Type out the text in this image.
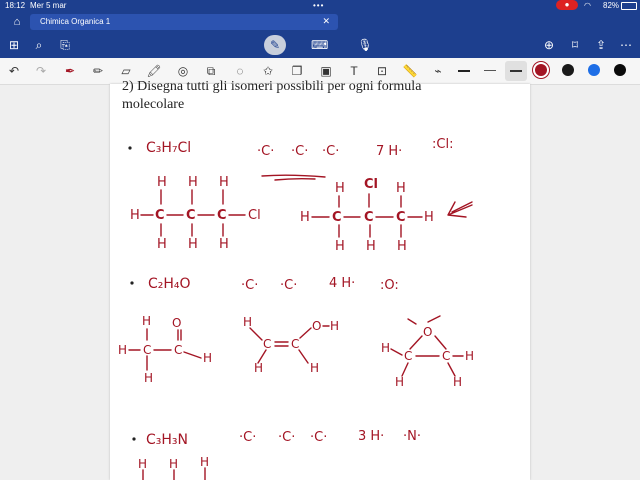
18:12 Mer 5 mar	•••	●	◠ 82%
⌂	Chimica Organica 1	✕
⊞	⌕	⎘	✎	⌨ 🎙	⊕	⌑	⇪ ⋯
↶ ↷ ✒ ✏ ▱ 🖍 ◎	⧉	◌	✩ ❐ ▣	T	⊡ 📏	⌁
2) Disegna tutti gli isomeri possibili per ogni formula
molecolare
C₃H₇Cl
C₂H₄O
C₃H₃N
·C· ·C· ·C·	7 H· :Cl:
H C C C Cl
H H H
H H H
H C C C H
H Cl H
H H H
·C· ·C· 4 H· :O:
H C C
H
H O
H
H
C C
O H
H	H
H
C C H
O
H	H
·C· ·C· ·C· 3 H· ·N·
H H H
